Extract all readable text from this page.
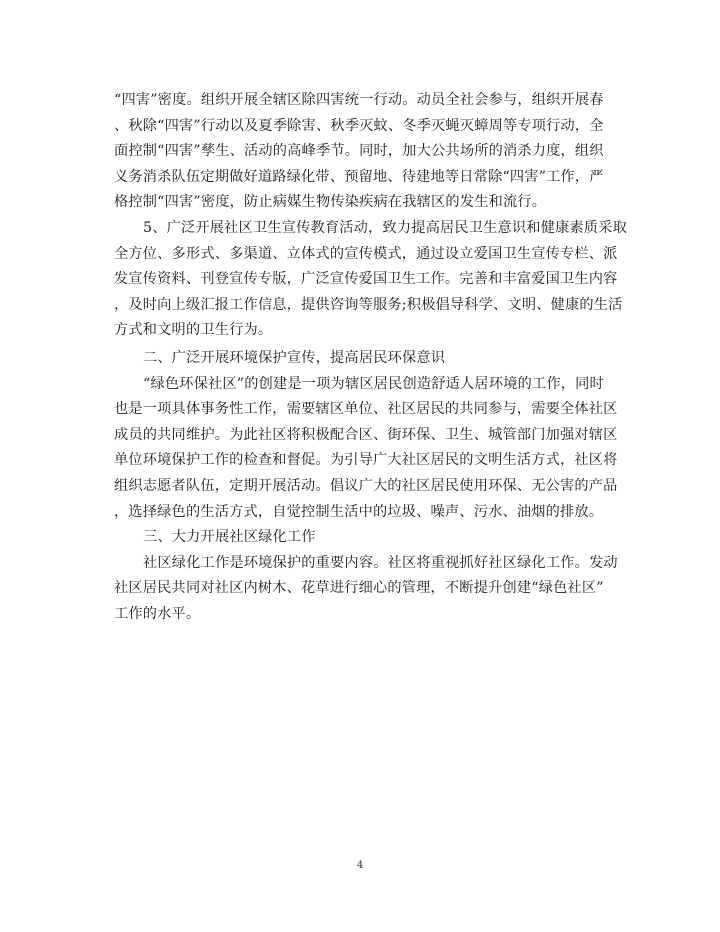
“四害”密度。组织开展全辖区除四害统一行动。动员全社会参与，组织开展春
、秋除“四害”行动以及夏季除害、秋季灭蚊、冬季灭蝇灭蟑周等专项行动，全
面控制“四害”孳生、活动的高峰季节。同时，加大公共场所的消杀力度，组织
义务消杀队伍定期做好道路绿化带、预留地、待建地等日常除“四害”工作，严
格控制“四害”密度，防止病媒生物传染疾病在我辖区的发生和流行。
5、广泛开展社区卫生宣传教育活动，致力提高居民卫生意识和健康素质采取
全方位、多形式、多渠道、立体式的宣传模式，通过设立爱国卫生宣传专栏、派
发宣传资料、刊登宣传专版，广泛宣传爱国卫生工作。完善和丰富爱国卫生内容
，及时向上级汇报工作信息，提供咨询等服务;积极倡导科学、文明、健康的生活
方式和文明的卫生行为。
二、广泛开展环境保护宣传，提高居民环保意识
“绿色环保社区”的创建是一项为辖区居民创造舒适人居环境的工作，同时
也是一项具体事务性工作，需要辖区单位、社区居民的共同参与，需要全体社区
成员的共同维护。为此社区将积极配合区、街环保、卫生、城管部门加强对辖区
单位环境保护工作的检查和督促。为引导广大社区居民的文明生活方式，社区将
组织志愿者队伍，定期开展活动。倡议广大的社区居民使用环保、无公害的产品
，选择绿色的生活方式，自觉控制生活中的垃圾、噪声、污水、油烟的排放。
三、大力开展社区绿化工作
社区绿化工作是环境保护的重要内容。社区将重视抓好社区绿化工作。发动
社区居民共同对社区内树木、花草进行细心的管理，不断提升创建“绿色社区”
工作的水平。
4
